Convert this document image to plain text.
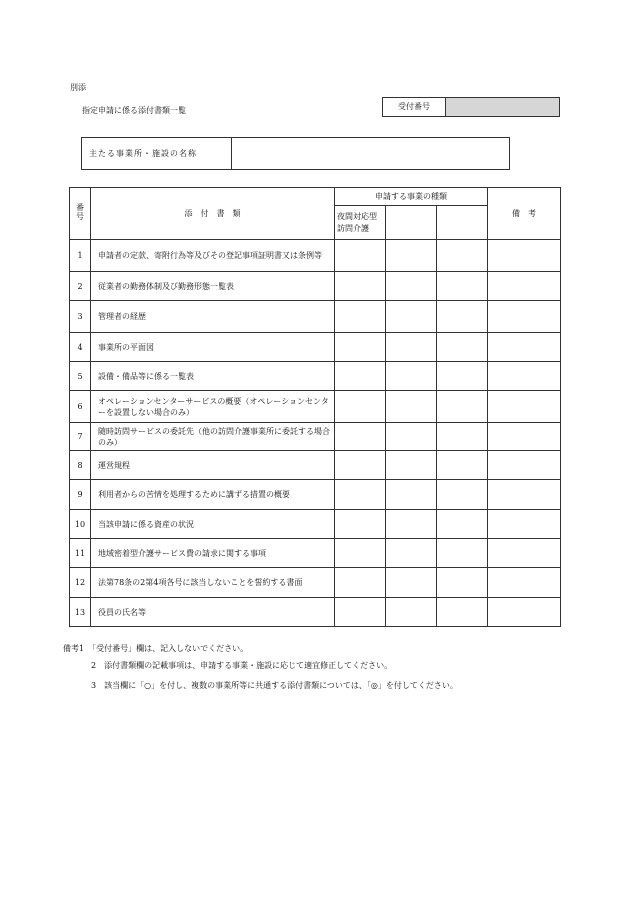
別添
指定申請に係る添付書類一覧	受付番号
主たる事業所・施設の名称
番号	添　付　書　類	申請する事業の種類			備　考
		夜間対応型訪問介護			
1	申請者の定款、寄附行為等及びその登記事項証明書又は条例等				
2	従業者の勤務体制及び勤務形態一覧表				
3	管理者の経歴				
4	事業所の平面図				
5	設備・備品等に係る一覧表				
6	オペレーションセンターサービスの概要（オペレーションセンターを設置しない場合のみ）				
7	随時訪問サービスの委託先（他の訪問介護事業所に委託する場合のみ）				
8	運営規程				
9	利用者からの苦情を処理するために講ずる措置の概要				
10	当該申請に係る資産の状況				
11	地域密着型介護サービス費の請求に関する事項				
12	法第78条の2第4項各号に該当しないことを誓約する書面				
13	役員の氏名等				
備考1　「受付番号」欄は、記入しないでください。
2　添付書類欄の記載事項は、申請する事業・施設に応じて適宜修正してください。
3　該当欄に「○」を付し、複数の事業所等に共通する添付書類については、「◎」を付してください。
